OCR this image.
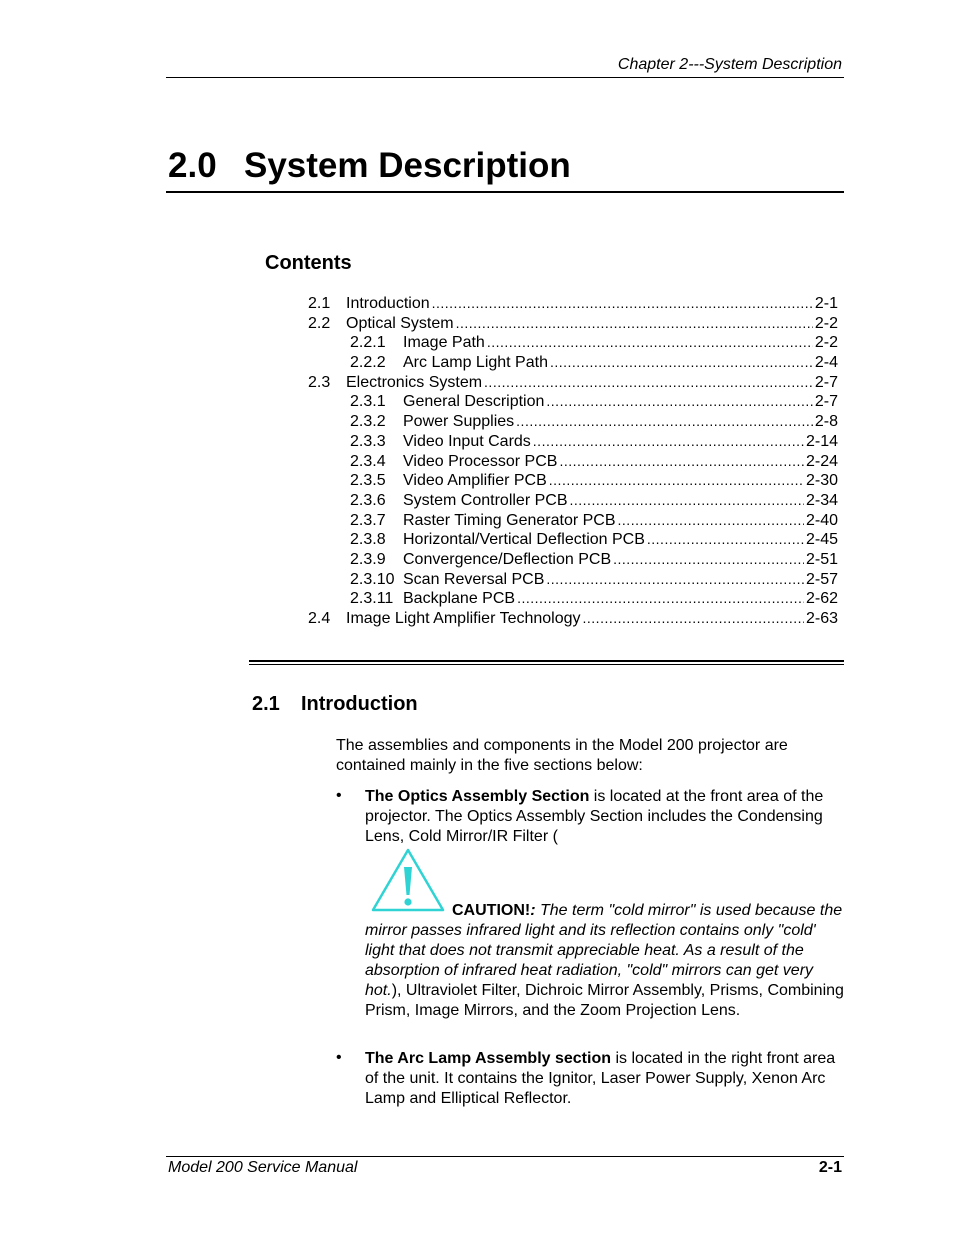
Chapter 2---System Description
2.0 System Description
Contents
2.1 Introduction .....	2-1
2.2 Optical System .....	2-2
2.2.1	Image Path .....	2-2
2.2.2	Arc Lamp Light Path .....	2-4
2.3 Electronics System .....	2-7
2.3.1	General Description .....	2-7
2.3.2	Power Supplies .....	2-8
2.3.3	Video Input Cards .....	2-14
2.3.4	Video Processor PCB .....	2-24
2.3.5	Video Amplifier PCB .....	2-30
2.3.6	System Controller PCB .....	2-34
2.3.7	Raster Timing Generator PCB .....	2-40
2.3.8	Horizontal/Vertical Deflection PCB .....	2-45
2.3.9	Convergence/Deflection PCB .....	2-51
2.3.10 Scan Reversal PCB .....	2-57
2.3.11 Backplane PCB .....	2-62
2.4 Image Light Amplifier Technology .....	2-63
2.1 Introduction
The assemblies and components in the Model 200 projector are contained mainly in the five sections below:
• The Optics Assembly Section is located at the front area of the projector. The Optics Assembly Section includes the Condensing Lens, Cold Mirror/IR Filter (
CAUTION!: The term "cold mirror" is used because the mirror passes infrared light and its reflection contains only "cold' light that does not transmit appreciable heat. As a result of the absorption of infrared heat radiation, "cold" mirrors can get very hot.), Ultraviolet Filter, Dichroic Mirror Assembly, Prisms, Combining Prism, Image Mirrors, and the Zoom Projection Lens.
• The Arc Lamp Assembly section is located in the right front area of the unit. It contains the Ignitor, Laser Power Supply, Xenon Arc Lamp and Elliptical Reflector.
Model 200 Service Manual	2-1
